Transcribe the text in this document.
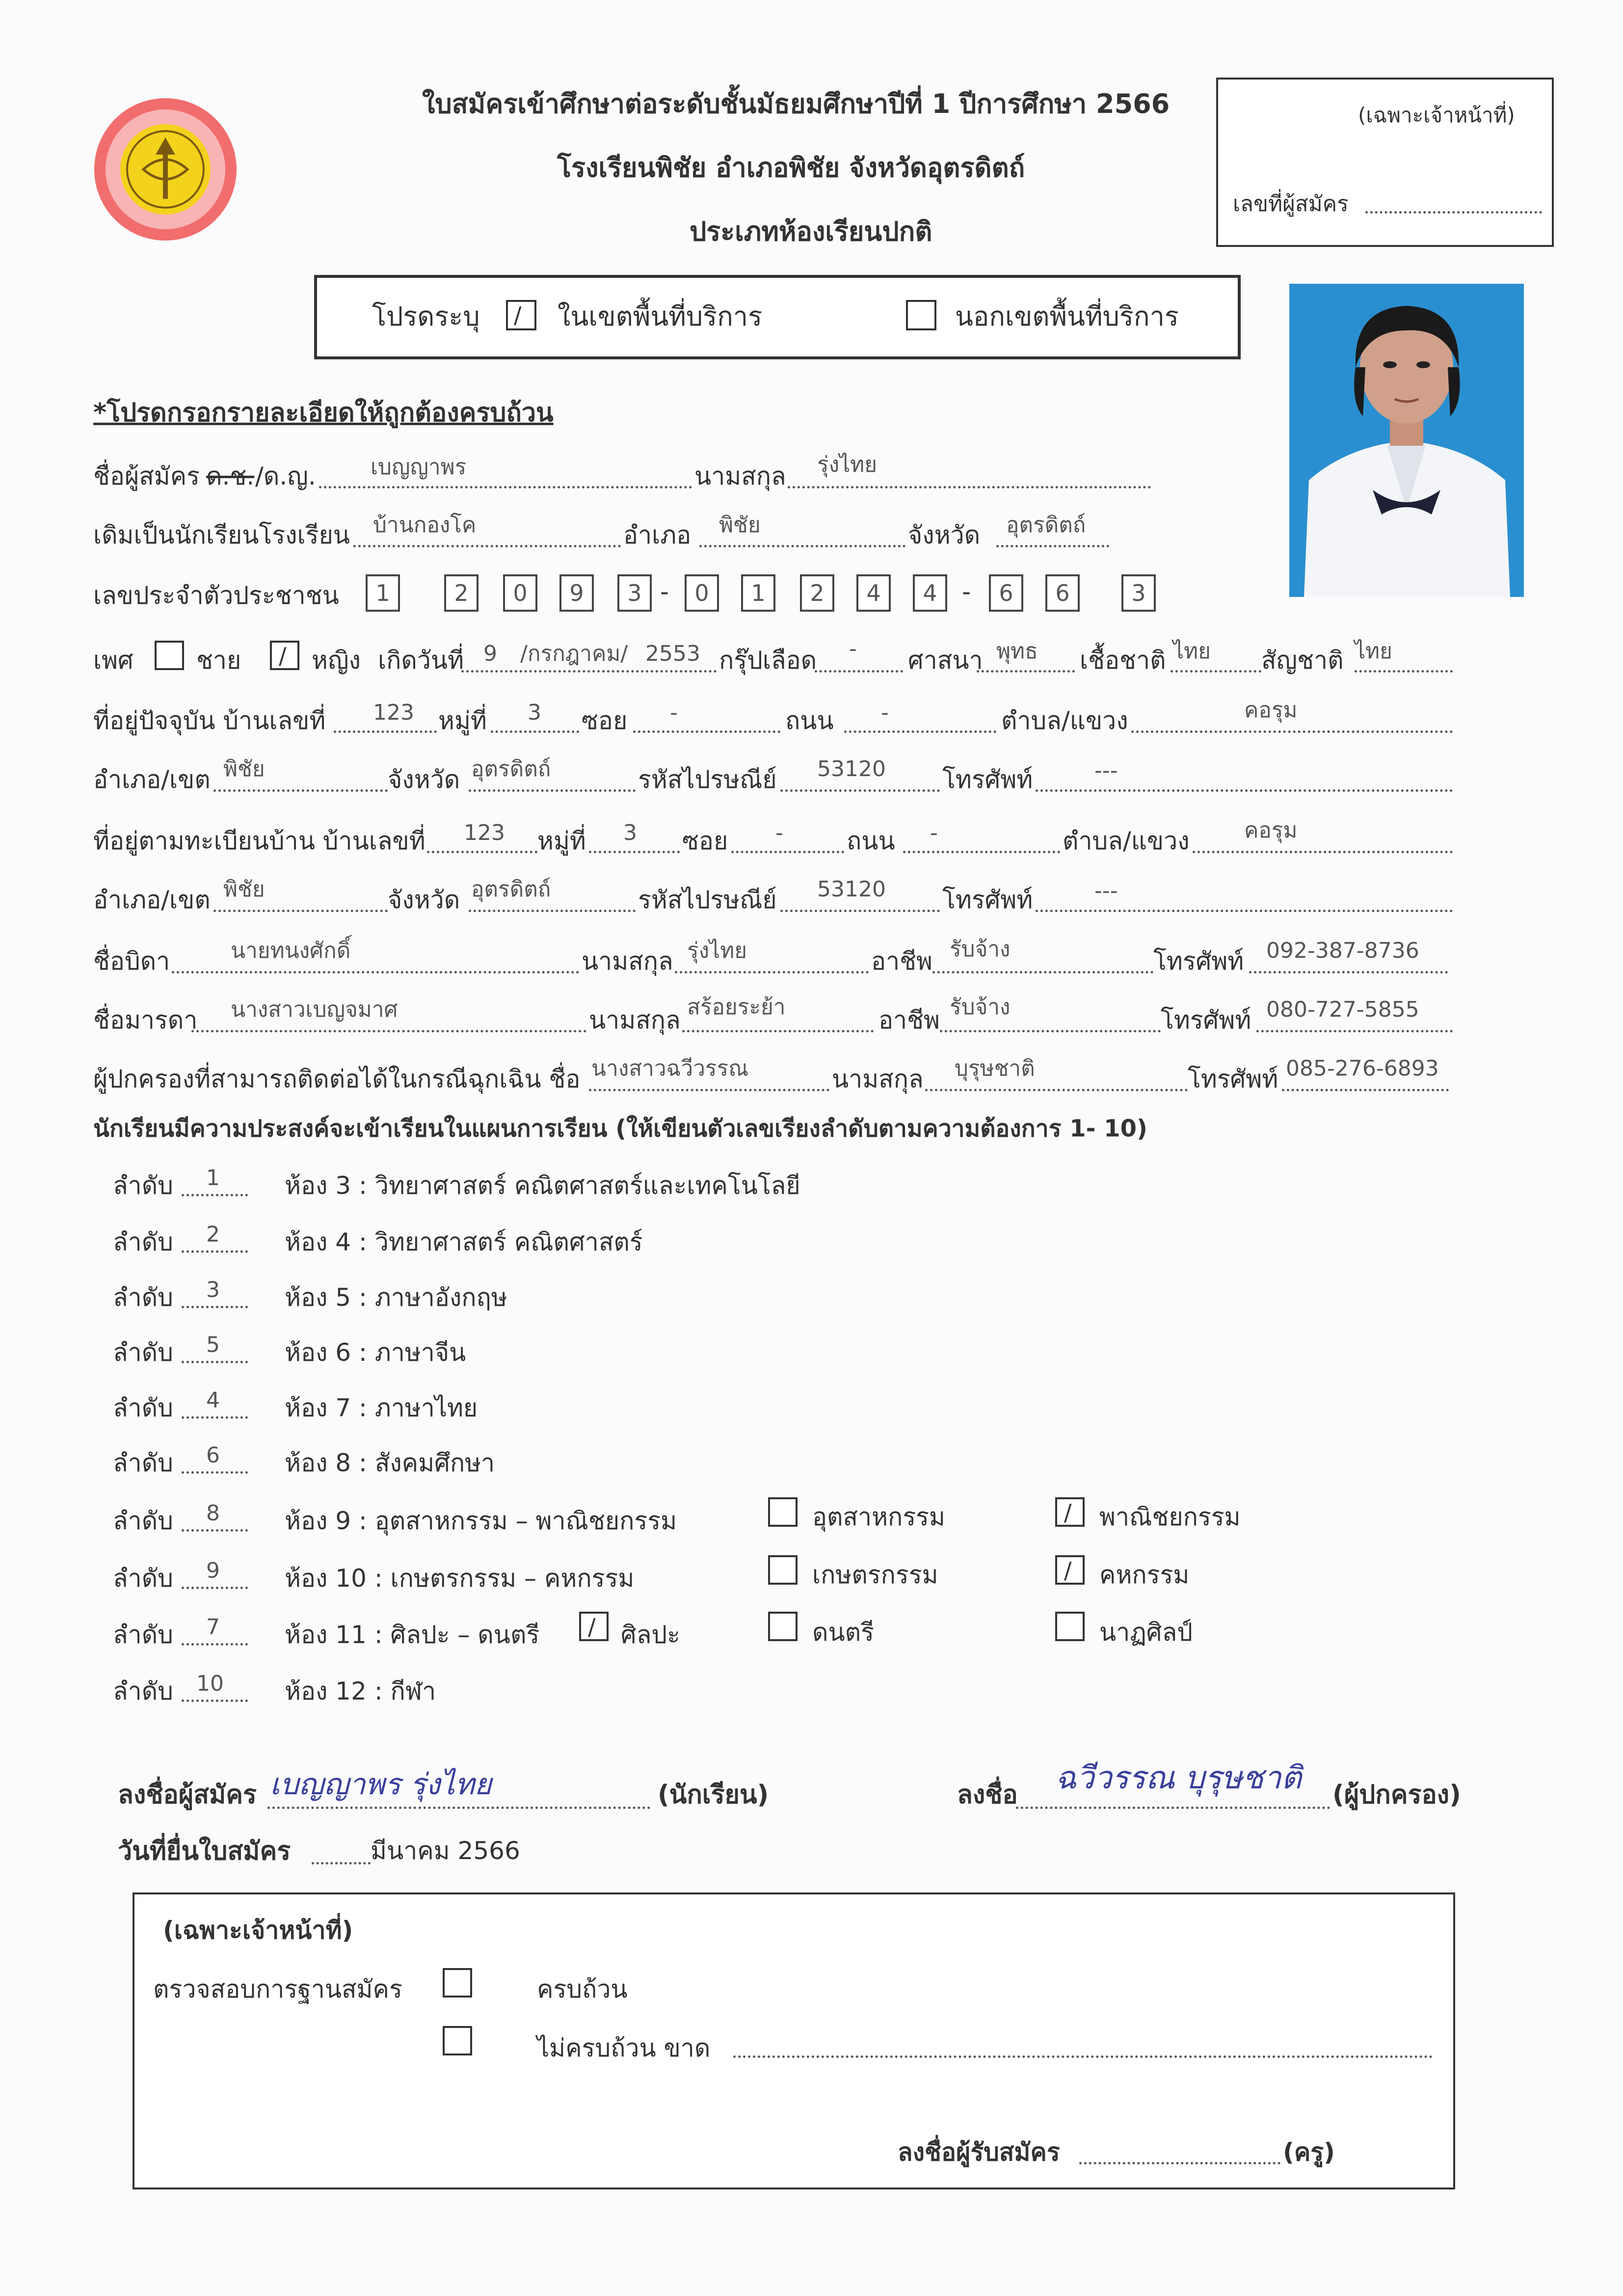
ใบสมัครเข้าศึกษาต่อระดับชั้นมัธยมศึกษาปีที่ 1 ปีการศึกษา 2566
โรงเรียนพิชัย อำเภอพิชัย จังหวัดอุตรดิตถ์
ประเภทห้องเรียนปกติ
(เฉพาะเจ้าหน้าที่)
เลขที่ผู้สมัคร
โปรดระบุ / ในเขตพื้นที่บริการ	นอกเขตพื้นที่บริการ
*โปรดกรอกรายละเอียดให้ถูกต้องครบถ้วน
ชื่อผู้สมัคร ด.ช. /ด.ญ.	เบญญาพร	นามสกุล รุ่งไทย
เดิมเป็นนักเรียนโรงเรียน บ้านกองโค	อำเภอ พิชัย	จังหวัด อุตรดิตถ์
เลขประจำตัวประชาชน	1	2	0	9	3 -	0	1	2	4	4	-	6	6	3
เพศ	ชาย / หญิง เกิดวันที่ 9 /กรกฎาคม/ 2553 กรุ๊ปเลือด - ศาสนา พุทธ เชื้อชาติ ไทย สัญชาติ ไทย
ที่อยู่ปัจจุบัน บ้านเลขที่ 123 หมู่ที่ 3 ซอย -	ถนน -	ตำบล/แขวง	คอรุม
อำเภอ/เขต พิชัย	จังหวัด อุตรดิตถ์	รหัสไปรษณีย์ 53120 โทรศัพท์	---
ที่อยู่ตามทะเบียนบ้าน บ้านเลขที่ 123 หมู่ที่ 3 ซอย -	ถนน -	ตำบล/แขวง	คอรุม
อำเภอ/เขต พิชัย	จังหวัด อุตรดิตถ์	รหัสไปรษณีย์ 53120 โทรศัพท์	---
ชื่อบิดา	นายทนงศักดิ์	นามสกุล รุ่งไทย	อาชีพ รับจ้าง	โทรศัพท์ 092-387-8736
ชื่อมารดา นางสาวเบญจมาศ	นามสกุล สร้อยระย้า	อาชีพ รับจ้าง	โทรศัพท์ 080-727-5855
ผู้ปกครองที่สามารถติดต่อได้ในกรณีฉุกเฉิน ชื่อ นางสาวฉวีวรรณ	นามสกุล บุรุษชาติ	โทรศัพท์ 085-276-6893
นักเรียนมีความประสงค์จะเข้าเรียนในแผนการเรียน (ให้เขียนตัวเลขเรียงลำดับตามความต้องการ 1- 10)
ลำดับ 1	ห้อง 3 : วิทยาศาสตร์ คณิตศาสตร์และเทคโนโลยี
ลำดับ 2	ห้อง 4 : วิทยาศาสตร์ คณิตศาสตร์
ลำดับ 3	ห้อง 5 : ภาษาอังกฤษ
ลำดับ 5	ห้อง 6 : ภาษาจีน
ลำดับ 4	ห้อง 7 : ภาษาไทย
ลำดับ 6	ห้อง 8 : สังคมศึกษา
ลำดับ 8	ห้อง 9 : อุตสาหกรรม – พาณิชยกรรม	อุตสาหกรรม	/ พาณิชยกรรม
ลำดับ 9	ห้อง 10 : เกษตรกรรม – คหกรรม	เกษตรกรรม	/ คหกรรม
ลำดับ 7	ห้อง 11 : ศิลปะ – ดนตรี / ศิลปะ	ดนตรี	นาฏศิลป์
ลำดับ 10 ห้อง 12 : กีฬา
ลงชื่อผู้สมัคร เบญญาพร รุ่งไทย	(นักเรียน)	ลงชื่อ ฉวีวรรณ บุรุษชาติ (ผู้ปกครอง)
วันที่ยื่นใบสมัคร	มีนาคม 2566
(เฉพาะเจ้าหน้าที่)
ตรวจสอบการฐานสมัคร	ครบถ้วน
ไม่ครบถ้วน ขาด
ลงชื่อผู้รับสมัคร	(ครู)
